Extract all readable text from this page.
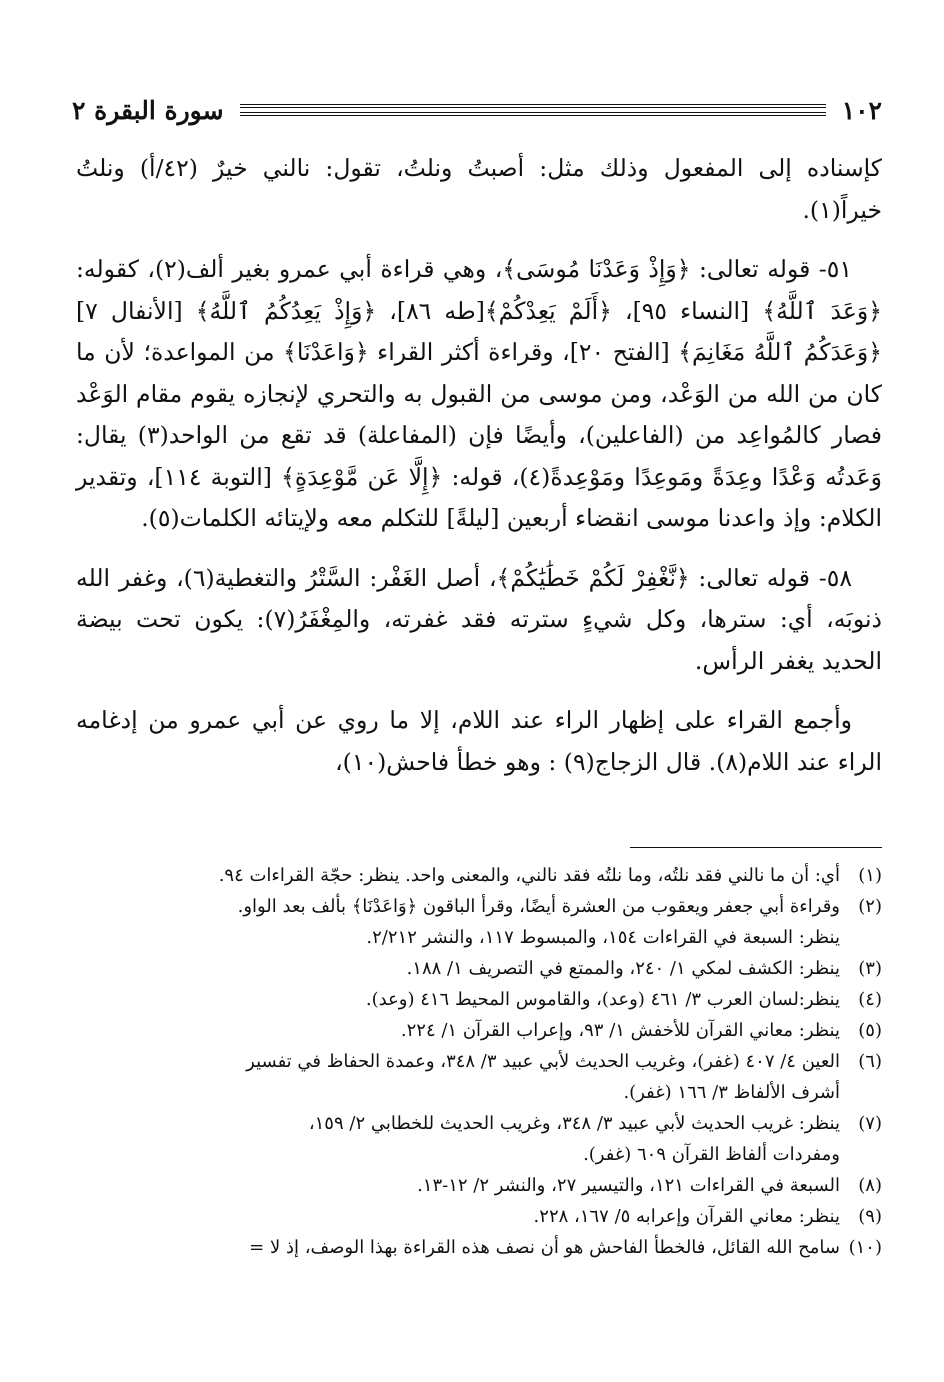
١٠٢
سورة البقرة ٢

كإسناده إلى المفعول وذلك مثل: أصبتُ ونلتُ، تقول: نالني خيرٌ (٤٢/أ) ونلتُ خيراً(١).

٥١- قوله تعالى: ﴿وَإِذْ وَعَدْنَا مُوسَى﴾، وهي قراءة أبي عمرو بغير ألف(٢)، كقوله: ﴿وَعَدَ ٱللَّهُ﴾ [النساء ٩٥]، ﴿أَلَمْ يَعِدْكُمْ﴾[طه ٨٦]، ﴿وَإِذْ يَعِدُكُمُ ٱللَّهُ﴾ [الأنفال ٧] ﴿وَعَدَكُمُ ٱللَّهُ مَغَانِمَ﴾ [الفتح ٢٠]، وقراءة أكثر القراء ﴿وَاعَدْنَا﴾ من المواعدة؛ لأن ما كان من الله من الوَعْد، ومن موسى من القبول به والتحري لإنجازه يقوم مقام الوَعْد فصار كالمُواعِد من (الفاعلين)، وأيضًا فإن (المفاعلة) قد تقع من الواحد(٣) يقال: وَعَدتُه وَعْدًا وعِدَةً ومَوعِدًا ومَوْعِدةً(٤)، قوله: ﴿إِلَّا عَن مَّوْعِدَةٍ﴾ [التوبة ١١٤]، وتقدير الكلام: وإذ واعدنا موسى انقضاء أربعين [ليلةً] للتكلم معه ولإيتائه الكلمات(٥).

٥٨- قوله تعالى: ﴿نَّغْفِرْ لَكُمْ خَطَٰيَٰكُمْ﴾، أصل الغَفْر: السَّتْرُ والتغطية(٦)، وغفر الله ذنوبَه، أي: سترها، وكل شيءٍ سترته فقد غفرته، والمِغْفَرُ(٧): يكون تحت بيضة الحديد يغفر الرأس.

وأجمع القراء على إظهار الراء عند اللام، إلا ما روي عن أبي عمرو من إدغامه الراء عند اللام(٨). قال الزجاج(٩) : وهو خطأ فاحش(١٠)،

(١)
أي: أن ما نالني فقد نلتُه، وما نلتُه فقد نالني، والمعنى واحد. ينظر: حجّة القراءات ٩٤.
(٢)
وقراءة أبي جعفر ويعقوب من العشرة أيضًا، وقرأ الباقون ﴿وَاعَدْنَا﴾ بألف بعد الواو.
ينظر: السبعة في القراءات ١٥٤، والمبسوط ١١٧، والنشر ٢/٢١٢.
(٣)
ينظر: الكشف لمكي ١/ ٢٤٠، والممتع في التصريف ١/ ١٨٨.
(٤)
ينظر:لسان العرب ٣/ ٤٦١ (وعد)، والقاموس المحيط ٤١٦ (وعد).
(٥)
ينظر: معاني القرآن للأخفش ١/ ٩٣، وإعراب القرآن ١/ ٢٢٤.
(٦)
العين ٤/ ٤٠٧ (غفر)، وغريب الحديث لأبي عبيد ٣/ ٣٤٨، وعمدة الحفاظ في تفسير
أشرف الألفاظ ٣/ ١٦٦ (غفر).
(٧)
ينظر: غريب الحديث لأبي عبيد ٣/ ٣٤٨، وغريب الحديث للخطابي ٢/ ١٥٩،
ومفردات ألفاظ القرآن ٦٠٩ (غفر).
(٨)
السبعة في القراءات ١٢١، والتيسير ٢٧، والنشر ٢/ ١٢-١٣.
(٩)
ينظر: معاني القرآن وإعرابه ٥/ ١٦٧، ٢٢٨.
(١٠)
سامح الله القائل، فالخطأ الفاحش هو أن نصف هذه القراءة بهذا الوصف، إذ لا =
